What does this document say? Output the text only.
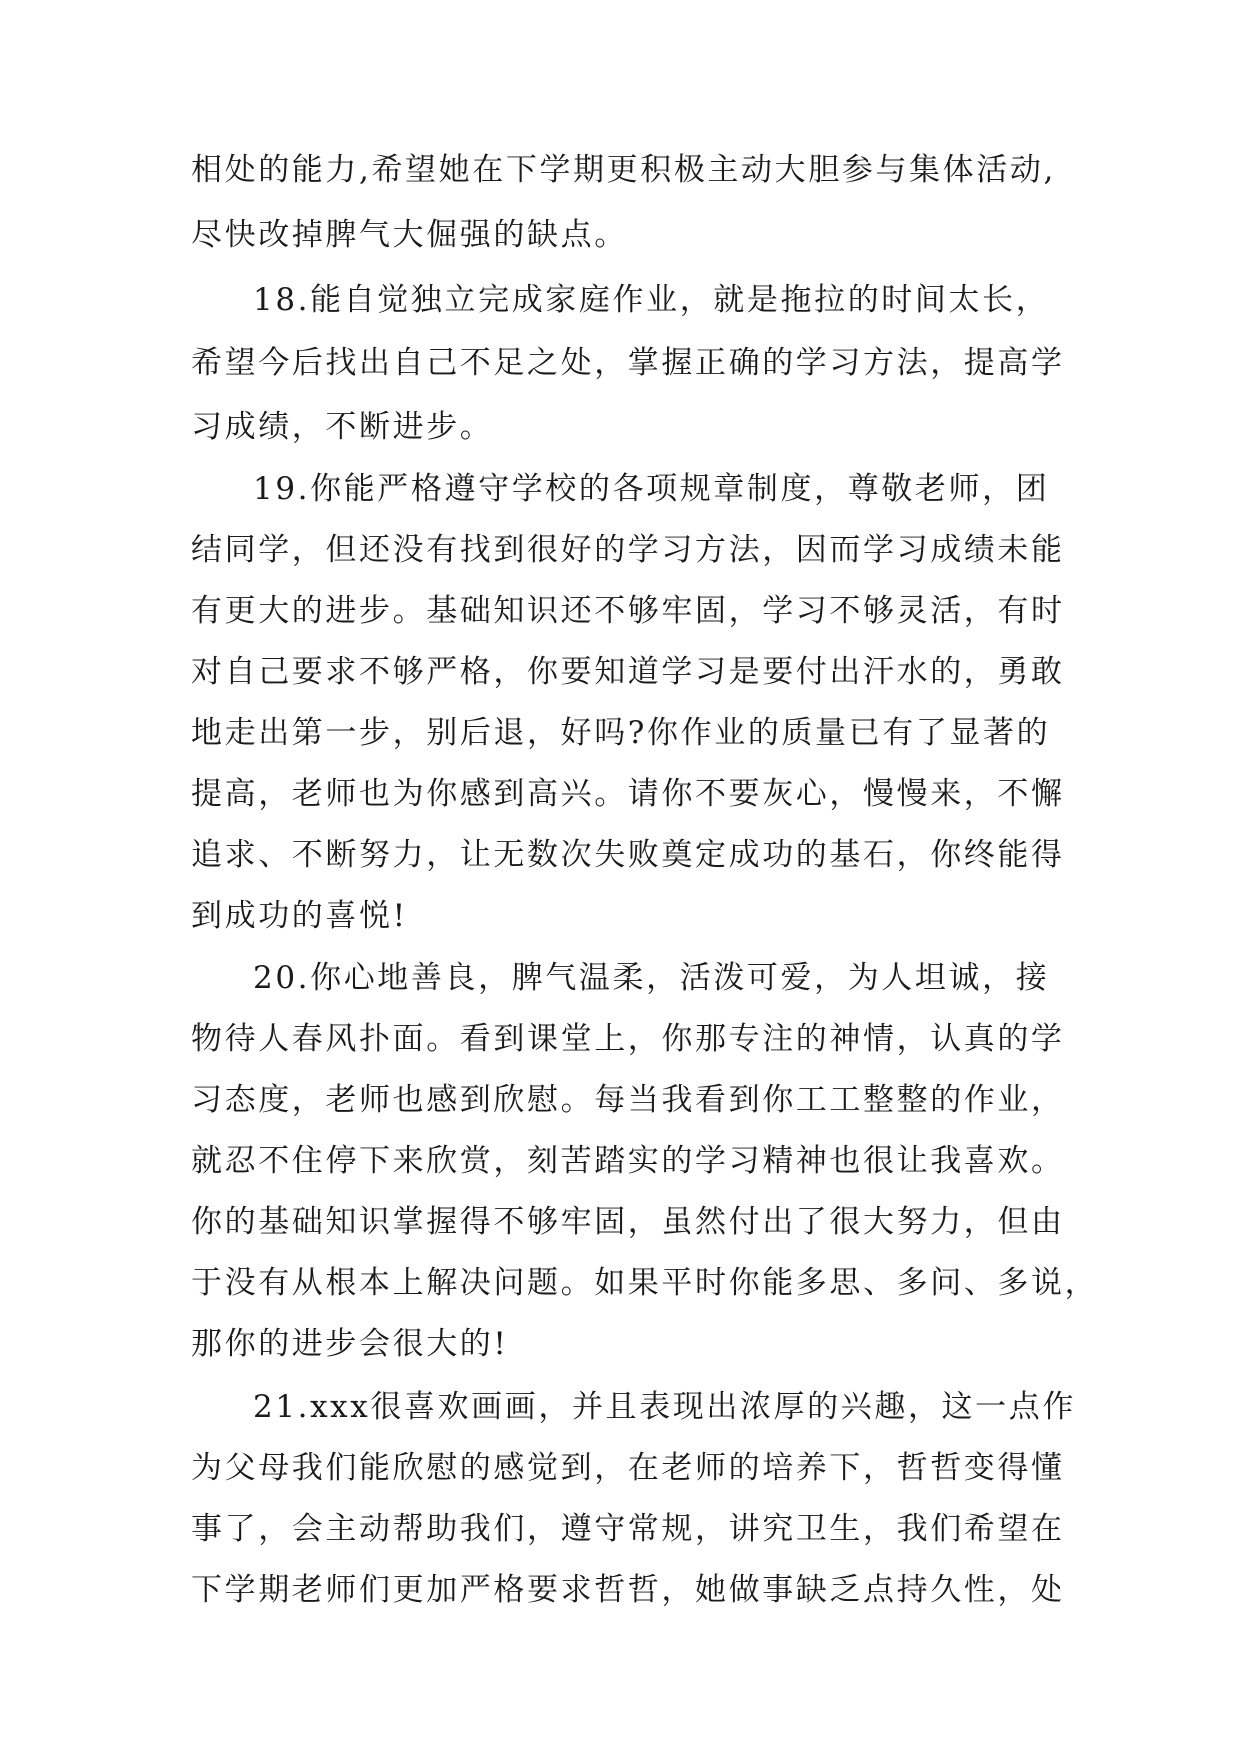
相处的能力,希望她在下学期更积极主动大胆参与集体活动,
尽快改掉脾气大倔强的缺点。
18.能自觉独立完成家庭作业，就是拖拉的时间太长，
希望今后找出自己不足之处，掌握正确的学习方法，提高学
习成绩，不断进步。
19.你能严格遵守学校的各项规章制度，尊敬老师，团
结同学，但还没有找到很好的学习方法，因而学习成绩未能
有更大的进步。基础知识还不够牢固，学习不够灵活，有时
对自己要求不够严格，你要知道学习是要付出汗水的，勇敢
地走出第一步，别后退，好吗?你作业的质量已有了显著的
提高，老师也为你感到高兴。请你不要灰心，慢慢来，不懈
追求、不断努力，让无数次失败奠定成功的基石，你终能得
到成功的喜悦!
20.你心地善良，脾气温柔，活泼可爱，为人坦诚，接
物待人春风扑面。看到课堂上，你那专注的神情，认真的学
习态度，老师也感到欣慰。每当我看到你工工整整的作业，
就忍不住停下来欣赏，刻苦踏实的学习精神也很让我喜欢。
你的基础知识掌握得不够牢固，虽然付出了很大努力，但由
于没有从根本上解决问题。如果平时你能多思、多问、多说，
那你的进步会很大的!
21.xxx很喜欢画画，并且表现出浓厚的兴趣，这一点作
为父母我们能欣慰的感觉到，在老师的培养下，哲哲变得懂
事了，会主动帮助我们，遵守常规，讲究卫生，我们希望在
下学期老师们更加严格要求哲哲，她做事缺乏点持久性，处
